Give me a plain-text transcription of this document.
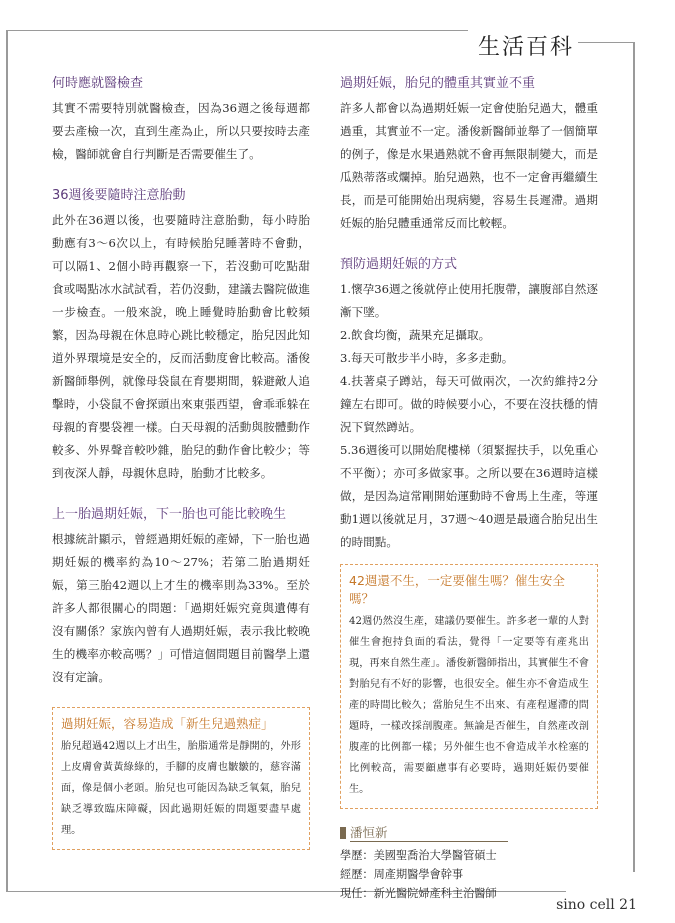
生活百科
何時應就醫檢查

其實不需要特別就醫檢查，因為36週之後每週都要去產檢一次，直到生產為止，所以只要按時去產檢，醫師就會自行判斷是否需要催生了。

36週後要隨時注意胎動

此外在36週以後，也要隨時注意胎動，每小時胎動應有3～6次以上，有時候胎兒睡著時不會動，可以隔1、2個小時再觀察一下，若沒動可吃點甜食或喝點冰水試試看，若仍沒動，建議去醫院做進一步檢查。一般來說，晚上睡覺時胎動會比較頻繁，因為母親在休息時心跳比較穩定，胎兒因此知道外界環境是安全的，反而活動度會比較高。潘俊新醫師舉例，就像母袋鼠在育嬰期間，躲避敵人追擊時，小袋鼠不會探頭出來東張西望，會乖乖躲在母親的育嬰袋裡一樣。白天母親的活動與胺體動作較多、外界聲音較吵雜，胎兒的動作會比較少；等到夜深人靜，母親休息時，胎動才比較多。

上一胎過期妊娠，下一胎也可能比較晚生

根據統計顯示，曾經過期妊娠的產婦，下一胎也過期妊娠的機率約為10～27%；若第二胎過期妊娠，第三胎42週以上才生的機率則為33%。至於許多人都很關心的問題：「過期妊娠究竟與遺傳有沒有關係？家族內曾有人過期妊娠，表示我比較晚生的機率亦較高嗎？」可惜這個問題目前醫學上還沒有定論。

過期妊娠，容易造成「新生兒過熟症」
胎兒超過42週以上才出生，胎脂通常是靜開的，外形上皮膚會黃黃綠綠的，手腳的皮膚也皺皺的，慈容滿面，像是個小老頭。胎兒也可能因為缺乏氧氣，胎兒缺乏導致臨床障礙，因此過期妊娠的問題要盡早處理。
過期妊娠，胎兒的體重其實並不重

許多人都會以為過期妊娠一定會使胎兒過大，體重過重，其實並不一定。潘俊新醫師並舉了一個簡單的例子，像是水果過熟就不會再無限制變大，而是瓜熟蒂落或爛掉。胎兒過熟，也不一定會再繼續生長，而是可能開始出現病變，容易生長遲滯。過期妊娠的胎兒體重通常反而比較輕。

預防過期妊娠的方式
1.懷孕36週之後就停止使用托腹帶，讓腹部自然逐漸下墜。
2.飲食均衡，蔬果充足攝取。
3.每天可散步半小時，多多走動。
4.扶著桌子蹲站，每天可做兩次，一次約維持2分鐘左右即可。做的時候要小心，不要在沒扶穩的情況下貿然蹲站。
5.36週後可以開始爬樓梯（須緊握扶手，以免重心不平衡）；亦可多做家事。之所以要在36週時這樣做，是因為這常剛開始運動時不會馬上生產，等運動1週以後就足月，37週～40週是最適合胎兒出生的時間點。
42週還不生，一定要催生嗎？催生安全嗎？
42週仍然沒生產，建議仍要催生。許多老一輩的人對催生會抱持負面的看法，覺得「一定要等有產兆出現，再來自然生產」。潘俊新醫師指出，其實催生不會對胎兒有不好的影響，也很安全。催生亦不會造成生產的時間比較久；當胎兒生不出來、有產程遲滯的問題時，一樣改採剖腹產。無論是否催生，自然產改剖腹產的比例都一樣；另外催生也不會造成羊水栓塞的比例較高，需要顧慮事有必要時，過期妊娠仍要催生。
潘恒新
學歷：美國聖喬治大學醫管碩士
經歷：周產期醫學會幹事
現任：新光醫院婦產科主治醫師
sino cell 21
